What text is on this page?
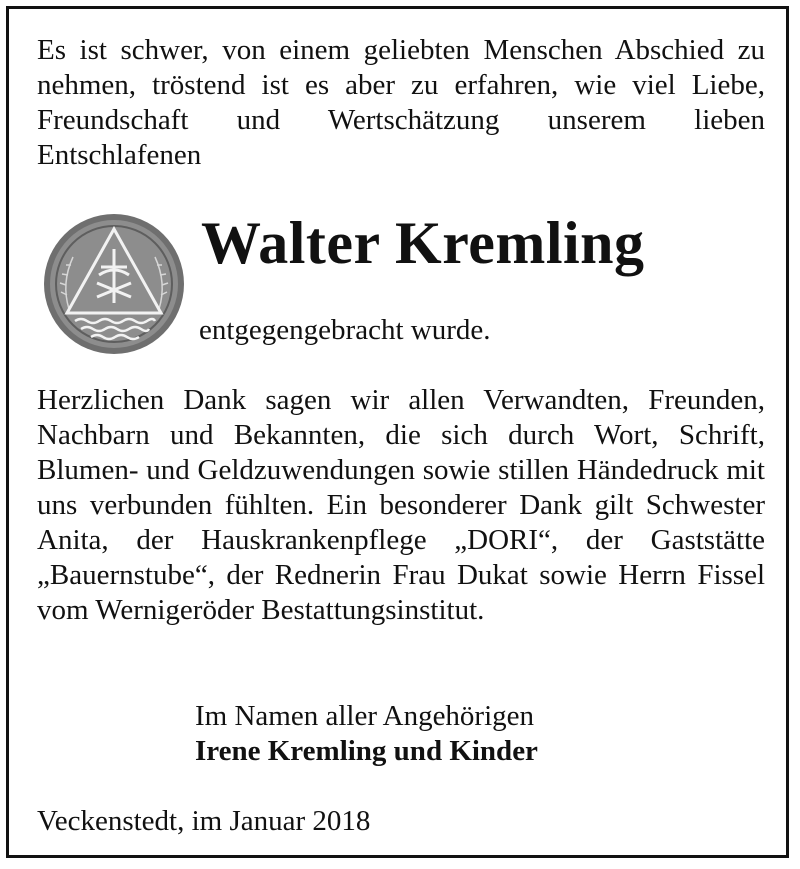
Es ist schwer, von einem geliebten Menschen Abschied zu nehmen, tröstend ist es aber zu erfahren, wie viel Liebe, Freundschaft und Wertschätzung unserem lieben Entschlafenen
Walter Kremling
entgegengebracht wurde.
Herzlichen Dank sagen wir allen Verwandten, Freunden, Nachbarn und Bekannten, die sich durch Wort, Schrift, Blumen- und Geldzuwendungen sowie stillen Händedruck mit uns verbunden fühlten. Ein besonderer Dank gilt Schwester Anita, der Hauskrankenpflege „DORI“, der Gaststätte „Bauernstube“, der Rednerin Frau Dukat sowie Herrn Fissel vom Wernigeröder Bestattungsinstitut.
Im Namen aller Angehörigen
Irene Kremling und Kinder
Veckenstedt, im Januar 2018
